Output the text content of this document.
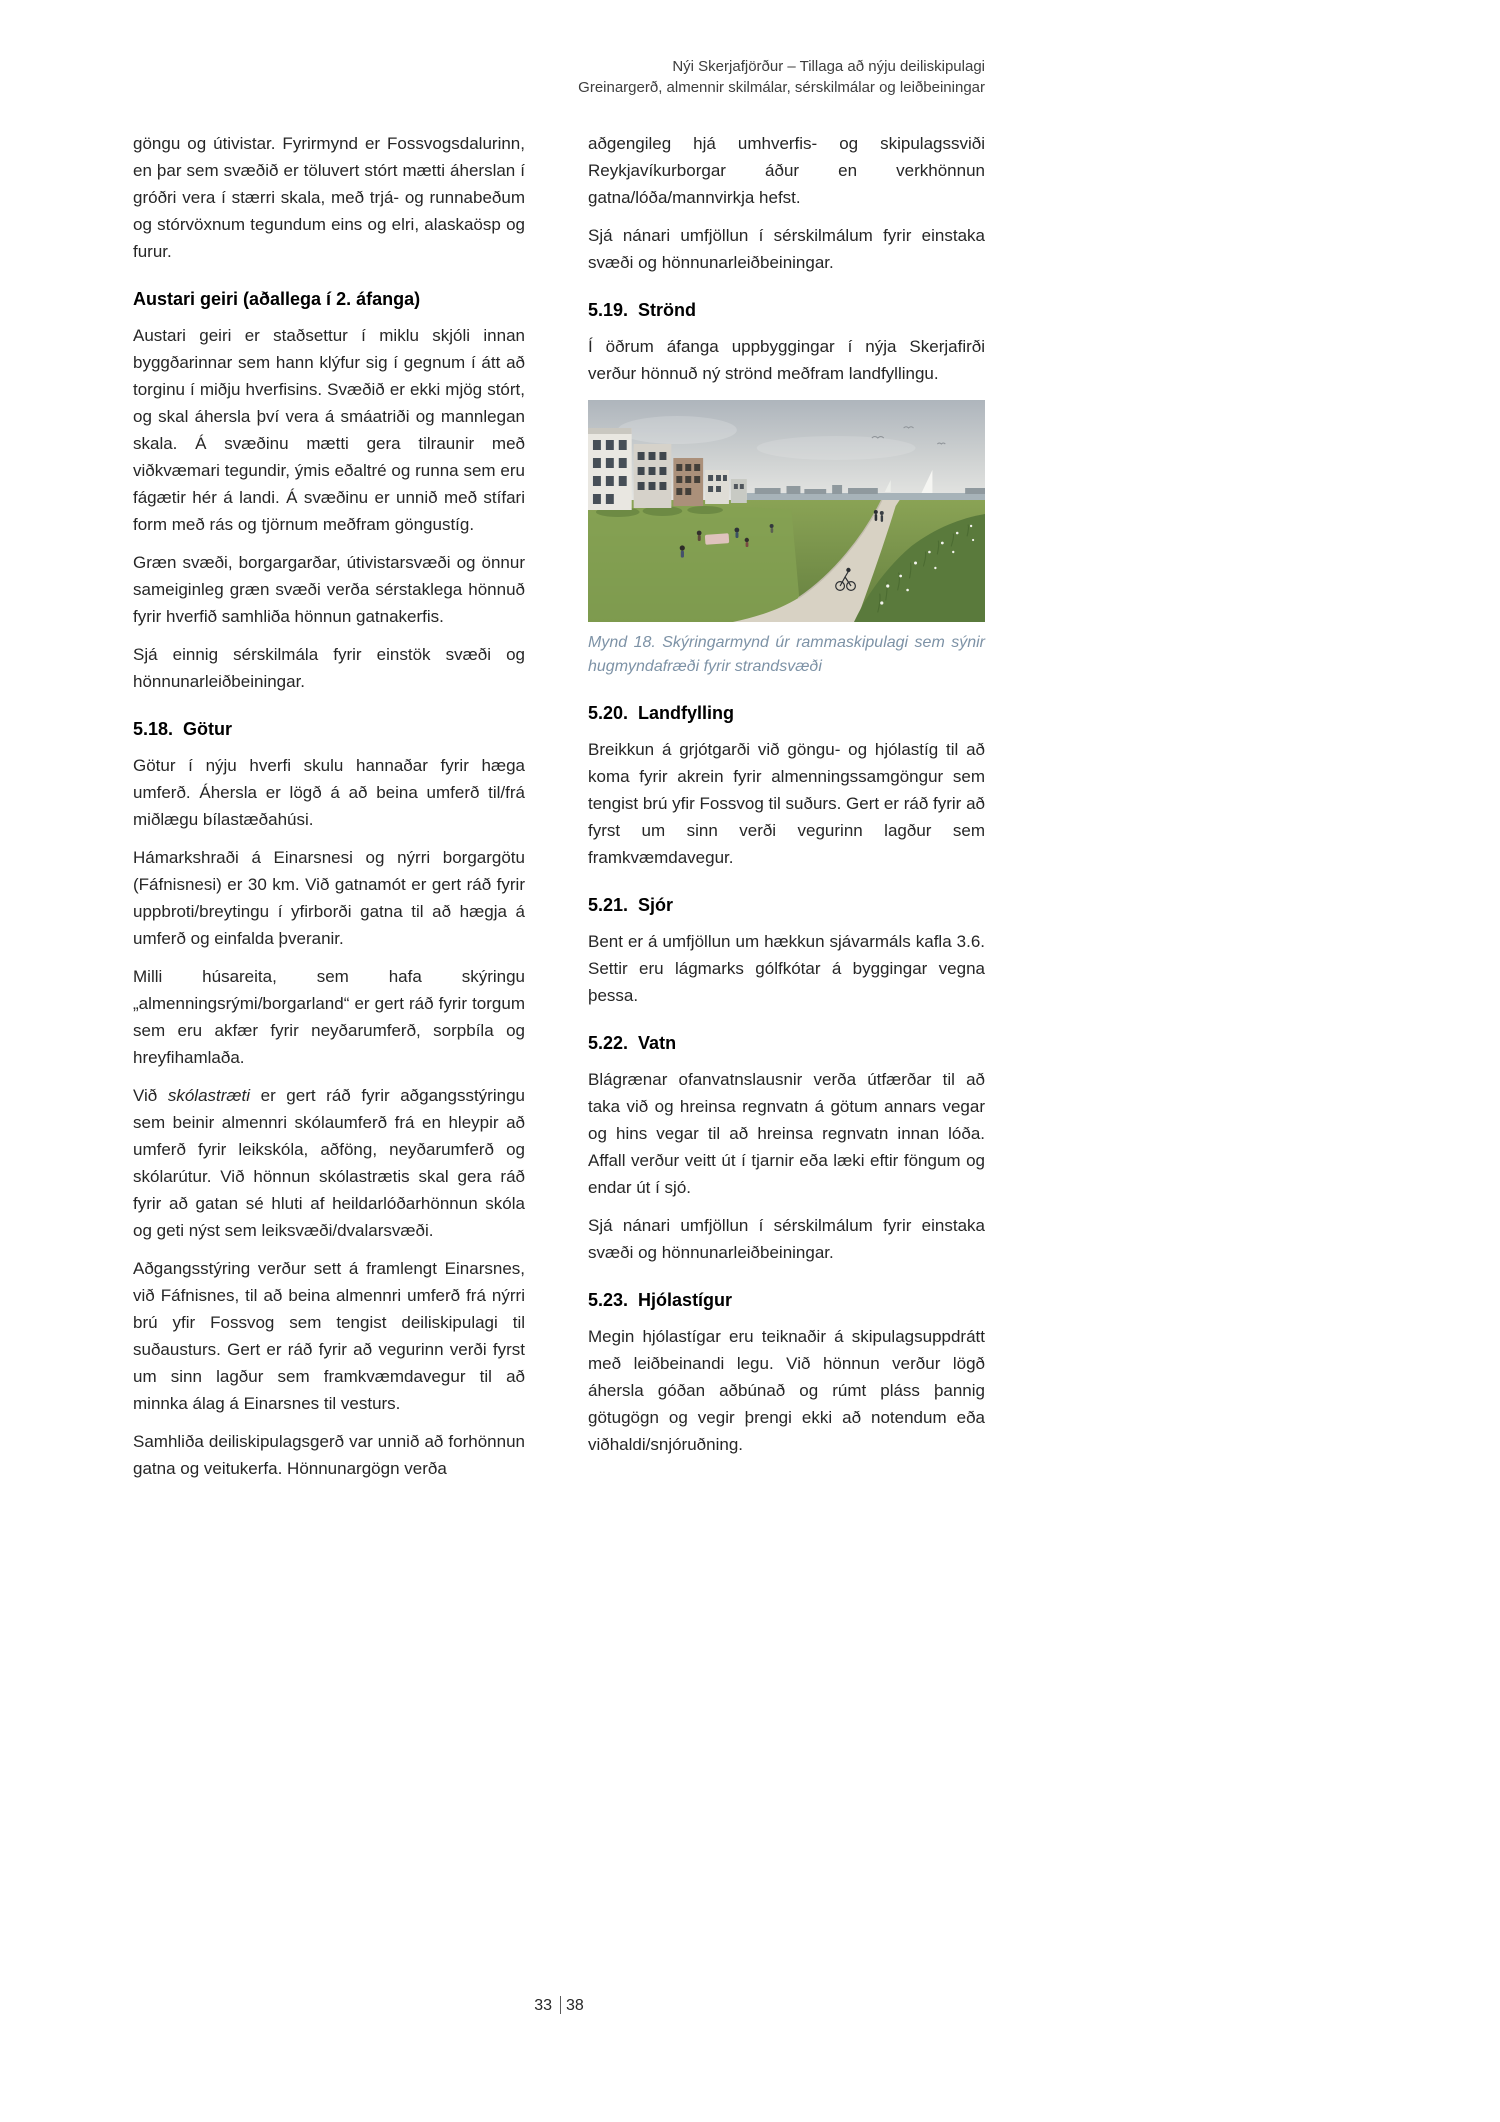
Nýi Skerjafjörður – Tillaga að nýju deiliskipulagi
Greinargerð, almennir skilmálar, sérskilmálar og leiðbeiningar

göngu og útivistar. Fyrirmynd er Fossvogsdalurinn, en þar sem svæðið er töluvert stórt mætti áherslan í gróðri vera í stærri skala, með trjá- og runnabeðum og stórvöxnum tegundum eins og elri, alaskaösp og furur.

Austari geiri (aðallega í 2. áfanga)

Austari geiri er staðsettur í miklu skjóli innan byggðarinnar sem hann klýfur sig í gegnum í átt að torginu í miðju hverfisins. Svæðið er ekki mjög stórt, og skal áhersla því vera á smáatriði og mannlegan skala. Á svæðinu mætti gera tilraunir með viðkvæmari tegundir, ýmis eðaltré og runna sem eru fágætir hér á landi. Á svæðinu er unnið með stífari form með rás og tjörnum meðfram göngustíg.

Græn svæði, borgargarðar, útivistarsvæði og önnur sameiginleg græn svæði verða sérstaklega hönnuð fyrir hverfið samhliða hönnun gatnakerfis.

Sjá einnig sérskilmála fyrir einstök svæði og hönnunarleiðbeiningar.

5.18. Götur

Götur í nýju hverfi skulu hannaðar fyrir hæga umferð. Áhersla er lögð á að beina umferð til/frá miðlægu bílastæðahúsi.

Hámarkshraði á Einarsnesi og nýrri borgargötu (Fáfnisnesi) er 30 km. Við gatnamót er gert ráð fyrir uppbroti/breytingu í yfirborði gatna til að hægja á umferð og einfalda þveranir.

Milli húsareita, sem hafa skýringu „almenningsrými/borgarland“ er gert ráð fyrir torgum sem eru akfær fyrir neyðarumferð, sorpbíla og hreyfihamlaða.

Við skólastræti er gert ráð fyrir aðgangsstýringu sem beinir almennri skólaumferð frá en hleypir að umferð fyrir leikskóla, aðföng, neyðarumferð og skólarútur. Við hönnun skólastrætis skal gera ráð fyrir að gatan sé hluti af heildarlóðarhönnun skóla og geti nýst sem leiksvæði/dvalarsvæði.

Aðgangsstýring verður sett á framlengt Einarsnes, við Fáfnisnes, til að beina almennri umferð frá nýrri brú yfir Fossvog sem tengist deiliskipulagi til suðausturs. Gert er ráð fyrir að vegurinn verði fyrst um sinn lagður sem framkvæmdavegur til að minnka álag á Einarsnes til vesturs.

Samhliða deiliskipulagsgerð var unnið að forhönnun gatna og veitukerfa. Hönnunargögn verða

aðgengileg hjá umhverfis- og skipulagssviði Reykjavíkurborgar áður en verkhönnun gatna/lóða/mannvirkja hefst.

Sjá nánari umfjöllun í sérskilmálum fyrir einstaka svæði og hönnunarleiðbeiningar.

5.19. Strönd

Í öðrum áfanga uppbyggingar í nýja Skerjafirði verður hönnuð ný strönd meðfram landfyllingu.

Mynd 18. Skýringarmynd úr rammaskipulagi sem sýnir hugmyndafræði fyrir strandsvæði

5.20. Landfylling

Breikkun á grjótgarði við göngu- og hjólastíg til að koma fyrir akrein fyrir almenningssamgöngur sem tengist brú yfir Fossvog til suðurs. Gert er ráð fyrir að fyrst um sinn verði vegurinn lagður sem framkvæmdavegur.

5.21. Sjór

Bent er á umfjöllun um hækkun sjávarmáls kafla 3.6. Settir eru lágmarks gólfkótar á byggingar vegna þessa.

5.22. Vatn

Blágrænar ofanvatnslausnir verða útfærðar til að taka við og hreinsa regnvatn á götum annars vegar og hins vegar til að hreinsa regnvatn innan lóða. Affall verður veitt út í tjarnir eða læki eftir föngum og endar út í sjó.

Sjá nánari umfjöllun í sérskilmálum fyrir einstaka svæði og hönnunarleiðbeiningar.

5.23. Hjólastígur

Megin hjólastígar eru teiknaðir á skipulagsuppdrátt með leiðbeinandi legu. Við hönnun verður lögð áhersla góðan aðbúnað og rúmt pláss þannig götugögn og vegir þrengi ekki að notendum eða viðhaldi/snjóruðning.

33 38
